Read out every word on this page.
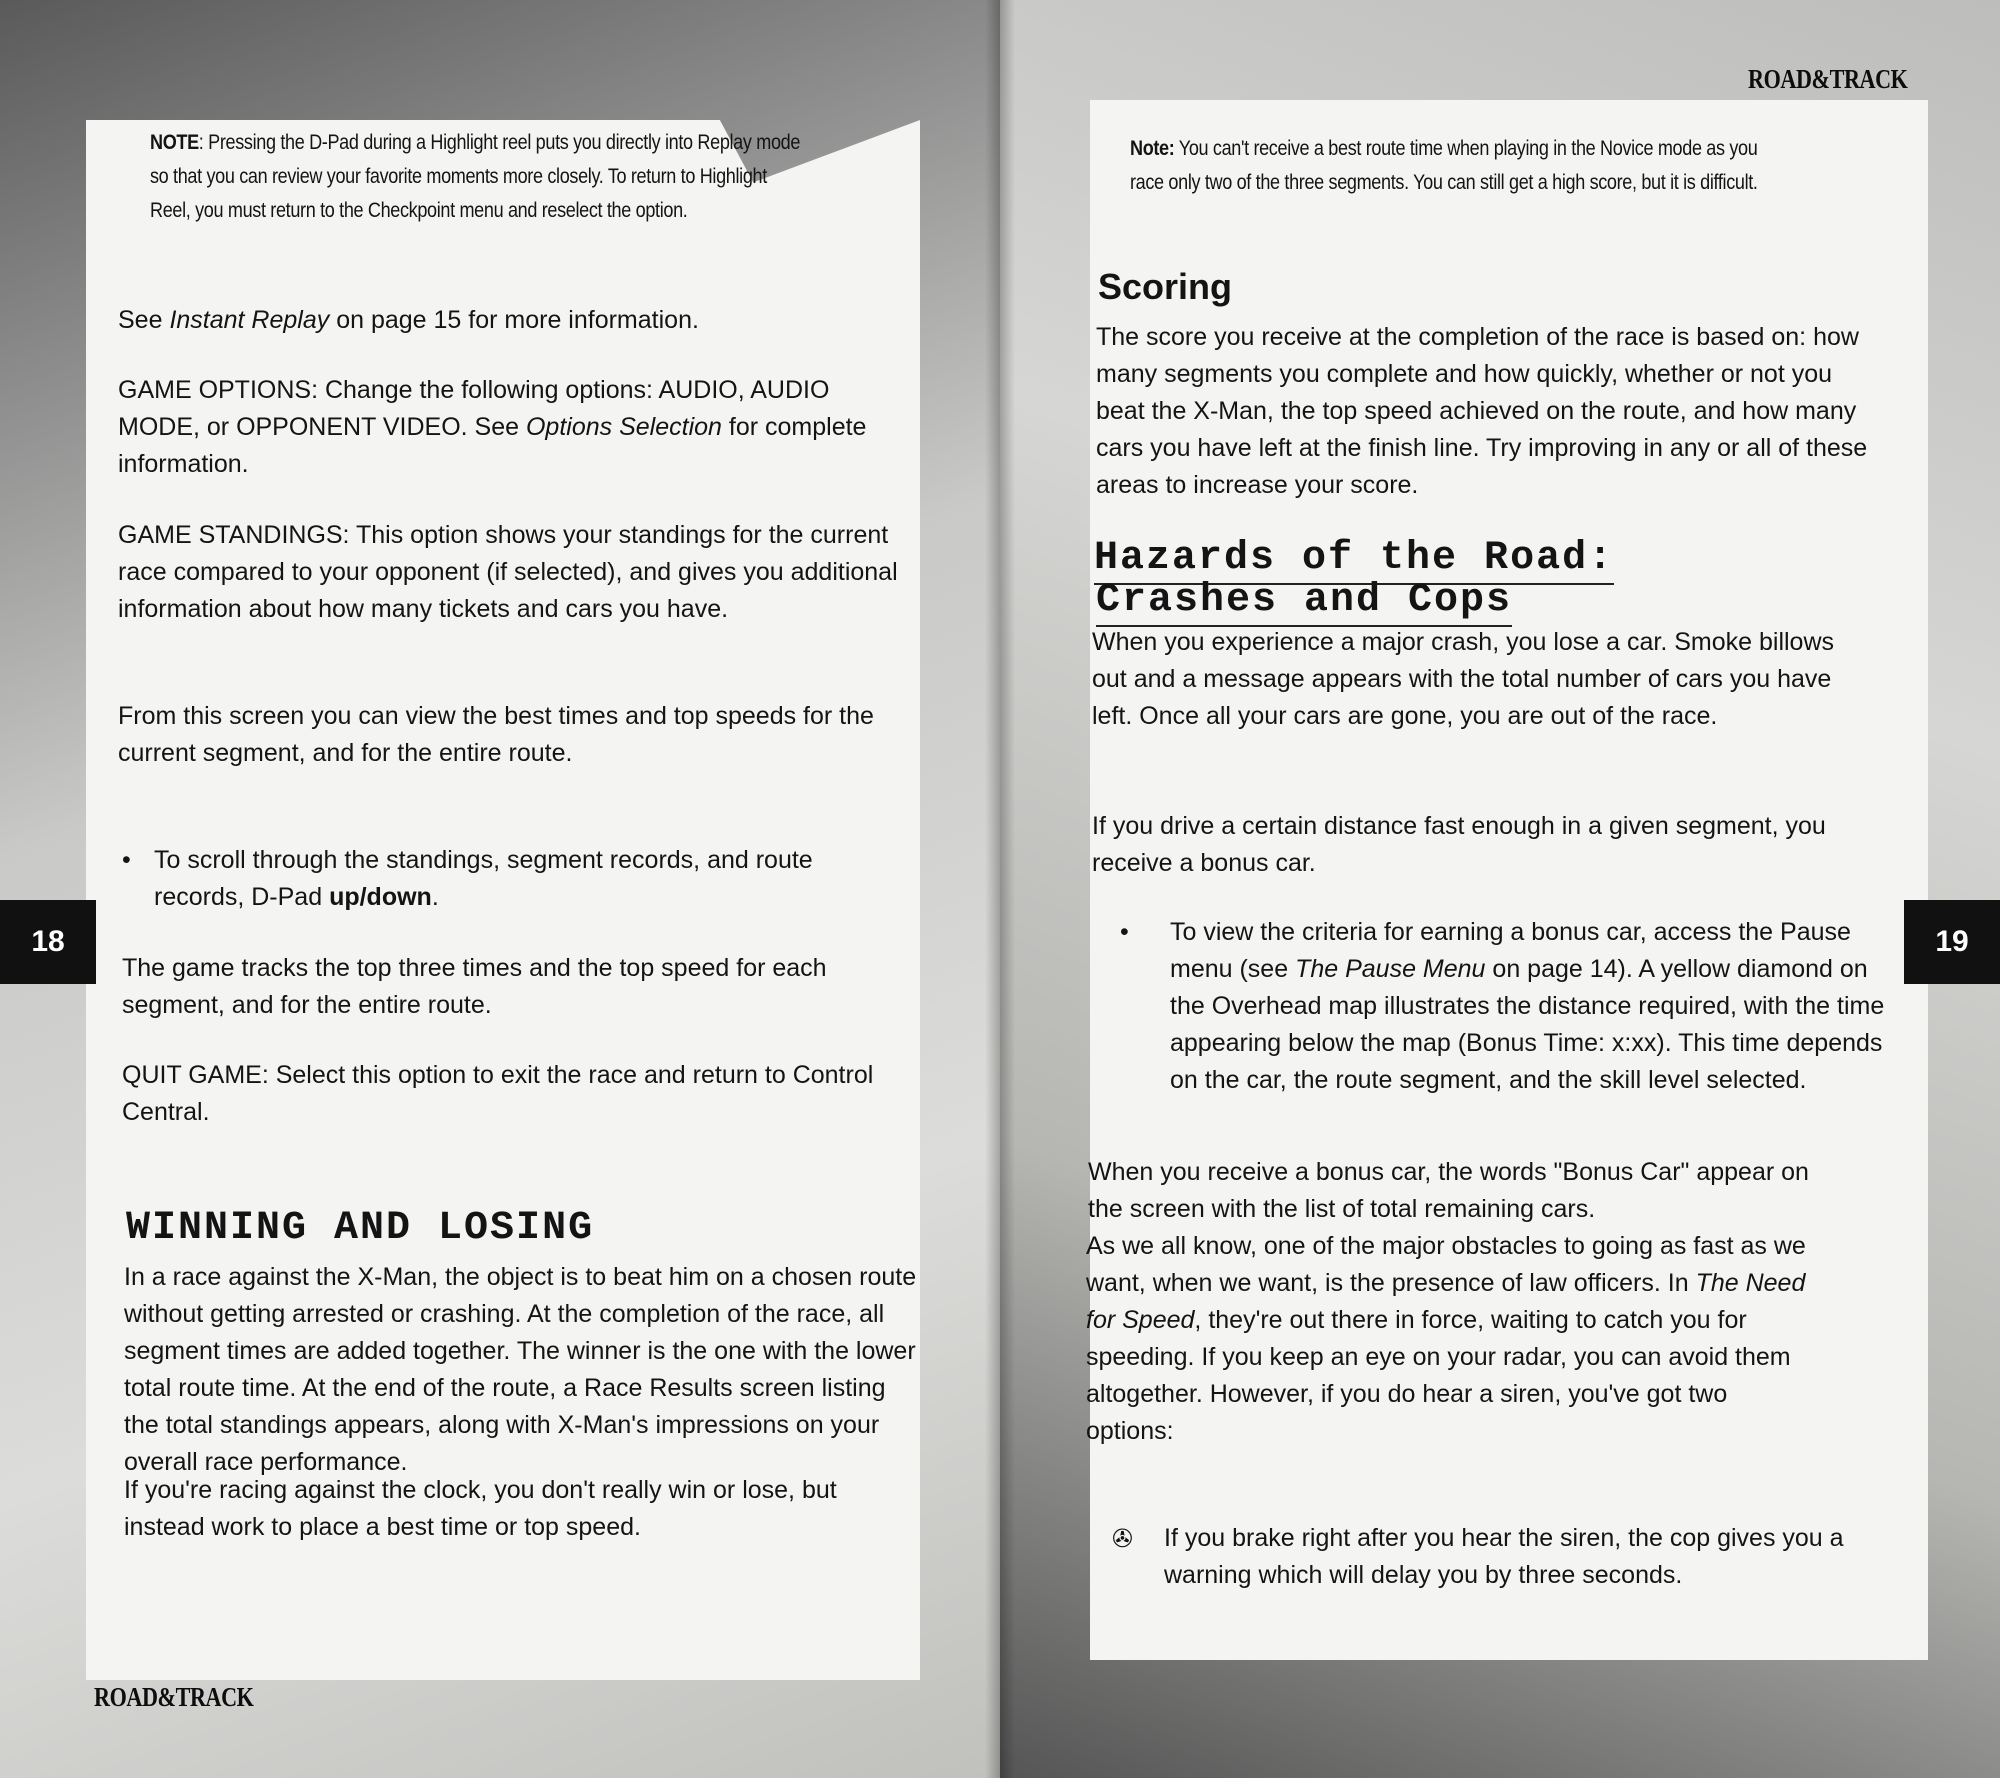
NOTE: Pressing the D-Pad during a Highlight reel puts you directly into Replay mode so that you can review your favorite moments more closely. To return to Highlight Reel, you must return to the Checkpoint menu and reselect the option.

See Instant Replay on page 15 for more information.

GAME OPTIONS: Change the following options: AUDIO, AUDIO MODE, or OPPONENT VIDEO. See Options Selection for complete information.

GAME STANDINGS: This option shows your standings for the current race compared to your opponent (if selected), and gives you additional information about how many tickets and cars you have.

From this screen you can view the best times and top speeds for the current segment, and for the entire route.

• To scroll through the standings, segment records, and route records, D-Pad up/down.

The game tracks the top three times and the top speed for each segment, and for the entire route.

QUIT GAME: Select this option to exit the race and return to Control Central.

WINNING AND LOSING

In a race against the X-Man, the object is to beat him on a chosen route without getting arrested or crashing. At the completion of the race, all segment times are added together. The winner is the one with the lower total route time. At the end of the route, a Race Results screen listing the total standings appears, along with X-Man's impressions on your overall race performance.

If you're racing against the clock, you don't really win or lose, but instead work to place a best time or top speed.

18
ROAD&TRACK
ROAD&TRACK

Note: You can't receive a best route time when playing in the Novice mode as you race only two of the three segments. You can still get a high score, but it is difficult.

Scoring

The score you receive at the completion of the race is based on: how many segments you complete and how quickly, whether or not you beat the X-Man, the top speed achieved on the route, and how many cars you have left at the finish line. Try improving in any or all of these areas to increase your score.

Hazards of the Road:
Crashes and Cops

When you experience a major crash, you lose a car. Smoke billows out and a message appears with the total number of cars you have left. Once all your cars are gone, you are out of the race.

If you drive a certain distance fast enough in a given segment, you receive a bonus car.

• To view the criteria for earning a bonus car, access the Pause menu (see The Pause Menu on page 14). A yellow diamond on the Overhead map illustrates the distance required, with the time appearing below the map (Bonus Time: x:xx). This time depends on the car, the route segment, and the skill level selected.

When you receive a bonus car, the words "Bonus Car" appear on the screen with the list of total remaining cars.

As we all know, one of the major obstacles to going as fast as we want, when we want, is the presence of law officers. In The Need for Speed, they're out there in force, waiting to catch you for speeding. If you keep an eye on your radar, you can avoid them altogether. However, if you do hear a siren, you've got two options:

✇ If you brake right after you hear the siren, the cop gives you a warning which will delay you by three seconds.
19
